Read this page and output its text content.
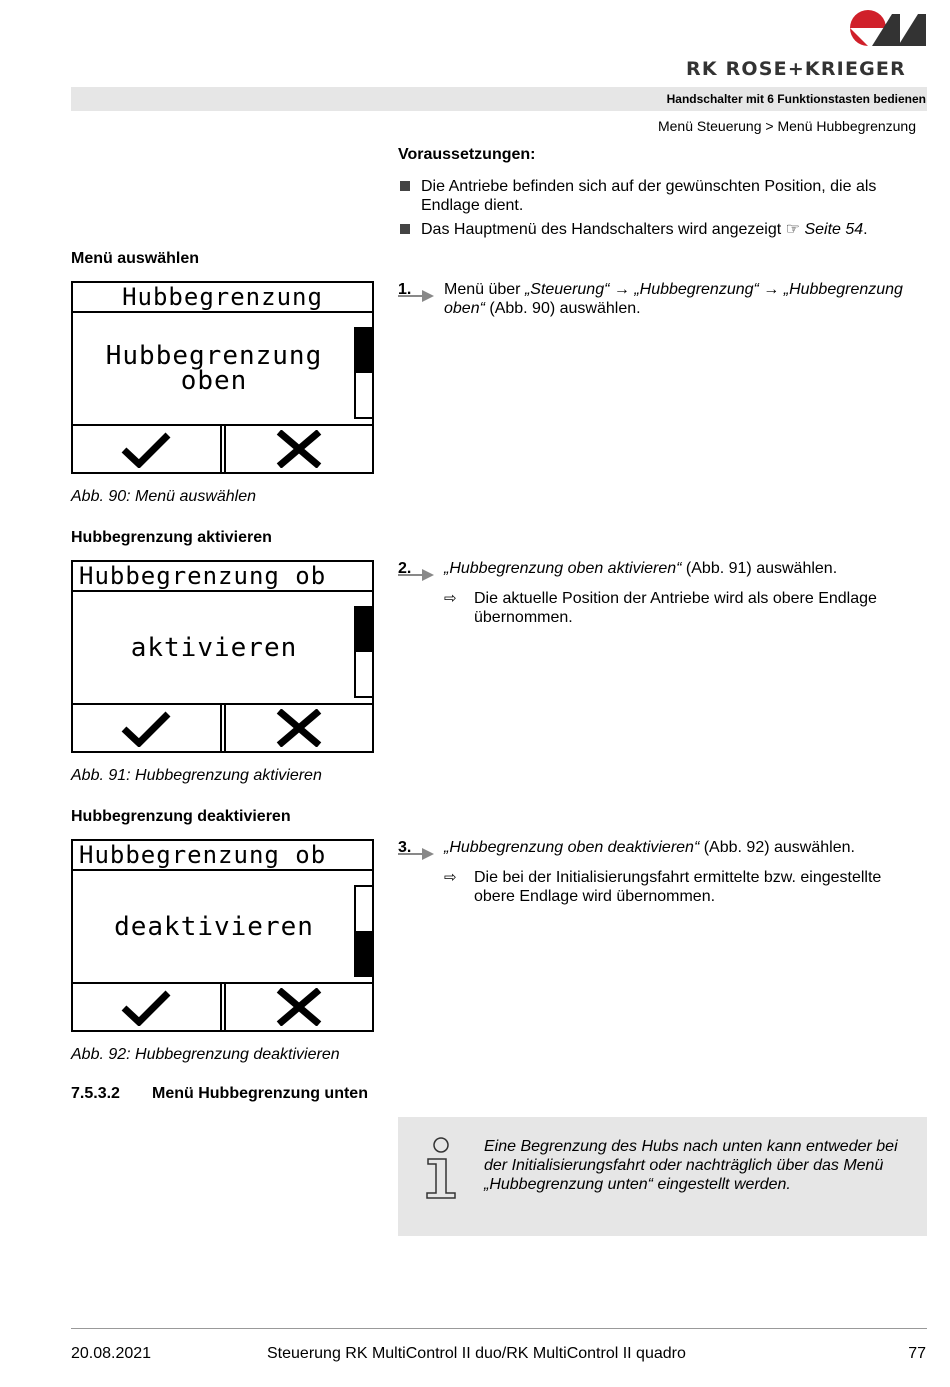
RK ROSE+KRIEGER
Handschalter mit 6 Funktionstasten bedienen
Menü Steuerung > Menü Hubbegrenzung
Voraussetzungen:
Die Antriebe befinden sich auf der gewünschten Position, die als Endlage dient.
Das Hauptmenü des Handschalters wird angezeigt ☞ Seite 54.
Menü auswählen
Hubbegrenzung
Hubbegrenzung
oben
Abb. 90: Menü auswählen
1. Menü über „Steuerung“ → „Hubbegrenzung“ → „Hubbegrenzung oben“ (Abb. 90) auswählen.
Hubbegrenzung aktivieren
Hubbegrenzung ob
aktivieren
Abb. 91: Hubbegrenzung aktivieren
2. „Hubbegrenzung oben aktivieren“ (Abb. 91) auswählen.
⇨ Die aktuelle Position der Antriebe wird als obere Endlage übernommen.
Hubbegrenzung deaktivieren
Hubbegrenzung ob
deaktivieren
Abb. 92: Hubbegrenzung deaktivieren
3. „Hubbegrenzung oben deaktivieren“ (Abb. 92) auswählen.
⇨ Die bei der Initialisierungsfahrt ermittelte bzw. eingestellte obere Endlage wird übernommen.
7.5.3.2 Menü Hubbegrenzung unten
Eine Begrenzung des Hubs nach unten kann entweder bei der Initialisierungsfahrt oder nachträglich über das Menü „Hubbegrenzung unten“ eingestellt werden.
20.08.2021	Steuerung RK MultiControl II duo/RK MultiControl II quadro	77
